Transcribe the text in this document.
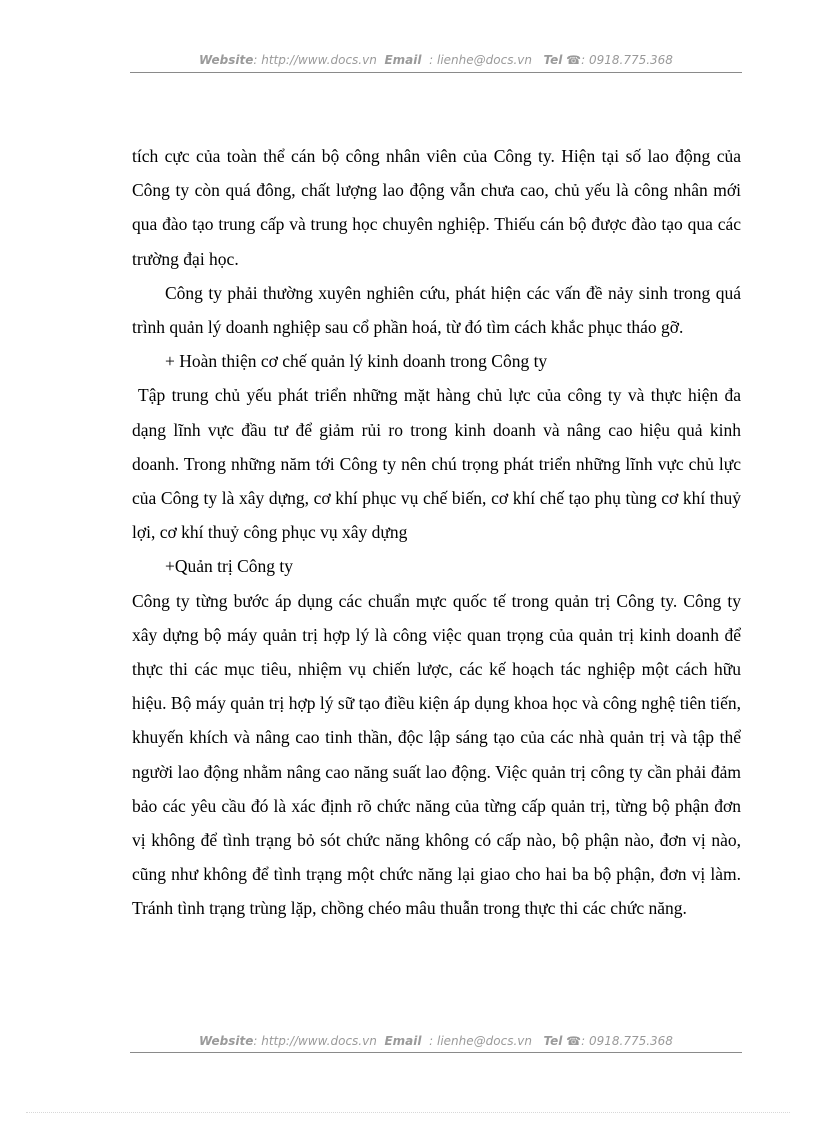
Website: http://www.docs.vn Email : lienhe@docs.vn Tel ☎: 0918.775.368

tích cực của toàn thể cán bộ công nhân viên của Công ty. Hiện tại số lao động của Công ty còn quá đông, chất lượng lao động vẫn chưa cao, chủ yếu là công nhân mới qua đào tạo trung cấp và trung học chuyên nghiệp. Thiếu cán bộ được đào tạo qua các trường đại học.

Công ty phải thường xuyên nghiên cứu, phát hiện các vấn đề nảy sinh trong quá trình quản lý doanh nghiệp sau cổ phần hoá, từ đó tìm cách khắc phục tháo gỡ.

+ Hoàn thiện cơ chế quản lý kinh doanh trong Công ty

Tập trung chủ yếu phát triển những mặt hàng chủ lực của công ty và thực hiện đa dạng lĩnh vực đầu tư để giảm rủi ro trong kinh doanh và nâng cao hiệu quả kinh doanh. Trong những năm tới Công ty nên chú trọng phát triển những lĩnh vực chủ lực của Công ty là xây dựng, cơ khí phục vụ chế biến, cơ khí chế tạo phụ tùng cơ khí thuỷ lợi, cơ khí thuỷ công phục vụ xây dựng

+Quản trị Công ty

Công ty từng bước áp dụng các chuẩn mực quốc tế trong quản trị Công ty. Công ty xây dựng bộ máy quản trị hợp lý là công việc quan trọng của quản trị kinh doanh để thực thi các mục tiêu, nhiệm vụ chiến lược, các kế hoạch tác nghiệp một cách hữu hiệu. Bộ máy quản trị hợp lý sữ tạo điều kiện áp dụng khoa học và công nghệ tiên tiến, khuyến khích và nâng cao tinh thần, độc lập sáng tạo của các nhà quản trị và tập thể người lao động nhằm nâng cao năng suất lao động. Việc quản trị công ty cần phải đảm bảo các yêu cầu đó là xác định rõ chức năng của từng cấp quản trị, từng bộ phận đơn vị không để tình trạng bỏ sót chức năng không có cấp nào, bộ phận nào, đơn vị nào, cũng như không để tình trạng một chức năng lại giao cho hai ba bộ phận, đơn vị làm. Tránh tình trạng trùng lặp, chồng chéo mâu thuẫn trong thực thi các chức năng.

Website: http://www.docs.vn Email : lienhe@docs.vn Tel ☎: 0918.775.368
